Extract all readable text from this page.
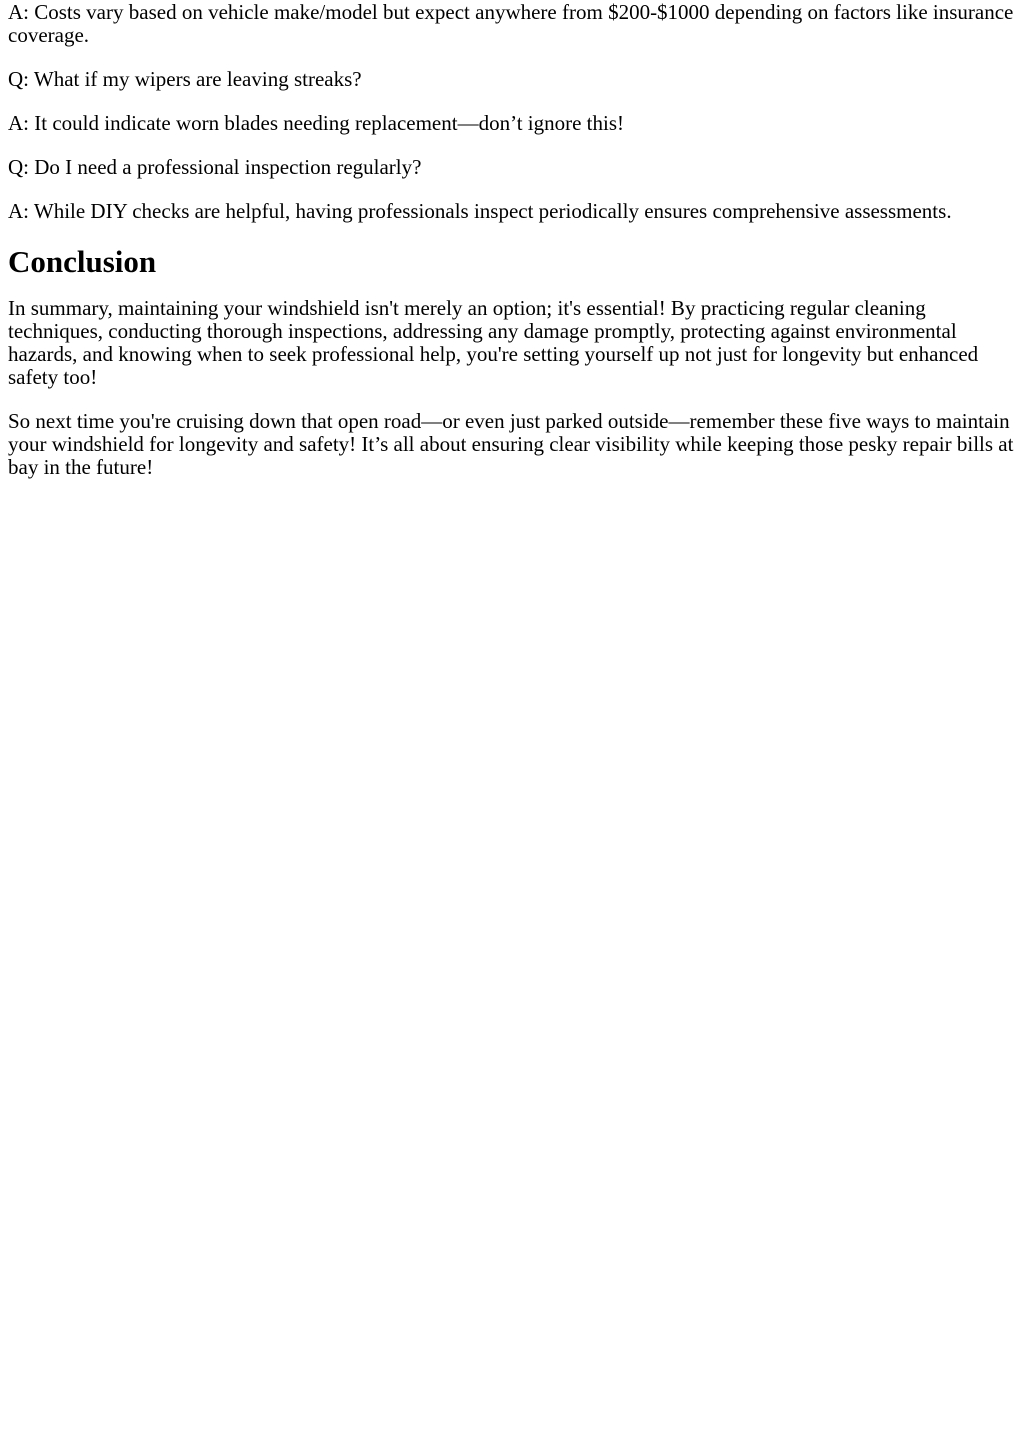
A: Costs vary based on vehicle make/model but expect anywhere from $200-$1000 depending on factors like insurance coverage.

Q: What if my wipers are leaving streaks?

A: It could indicate worn blades needing replacement—don’t ignore this!

Q: Do I need a professional inspection regularly?

A: While DIY checks are helpful, having professionals inspect periodically ensures comprehensive assessments.

Conclusion

In summary, maintaining your windshield isn't merely an option; it's essential! By practicing regular cleaning techniques, conducting thorough inspections, addressing any damage promptly, protecting against environmental hazards, and knowing when to seek professional help, you're setting yourself up not just for longevity but enhanced safety too!

So next time you're cruising down that open road—or even just parked outside—remember these five ways to maintain your windshield for longevity and safety! It’s all about ensuring clear visibility while keeping those pesky repair bills at bay in the future!
